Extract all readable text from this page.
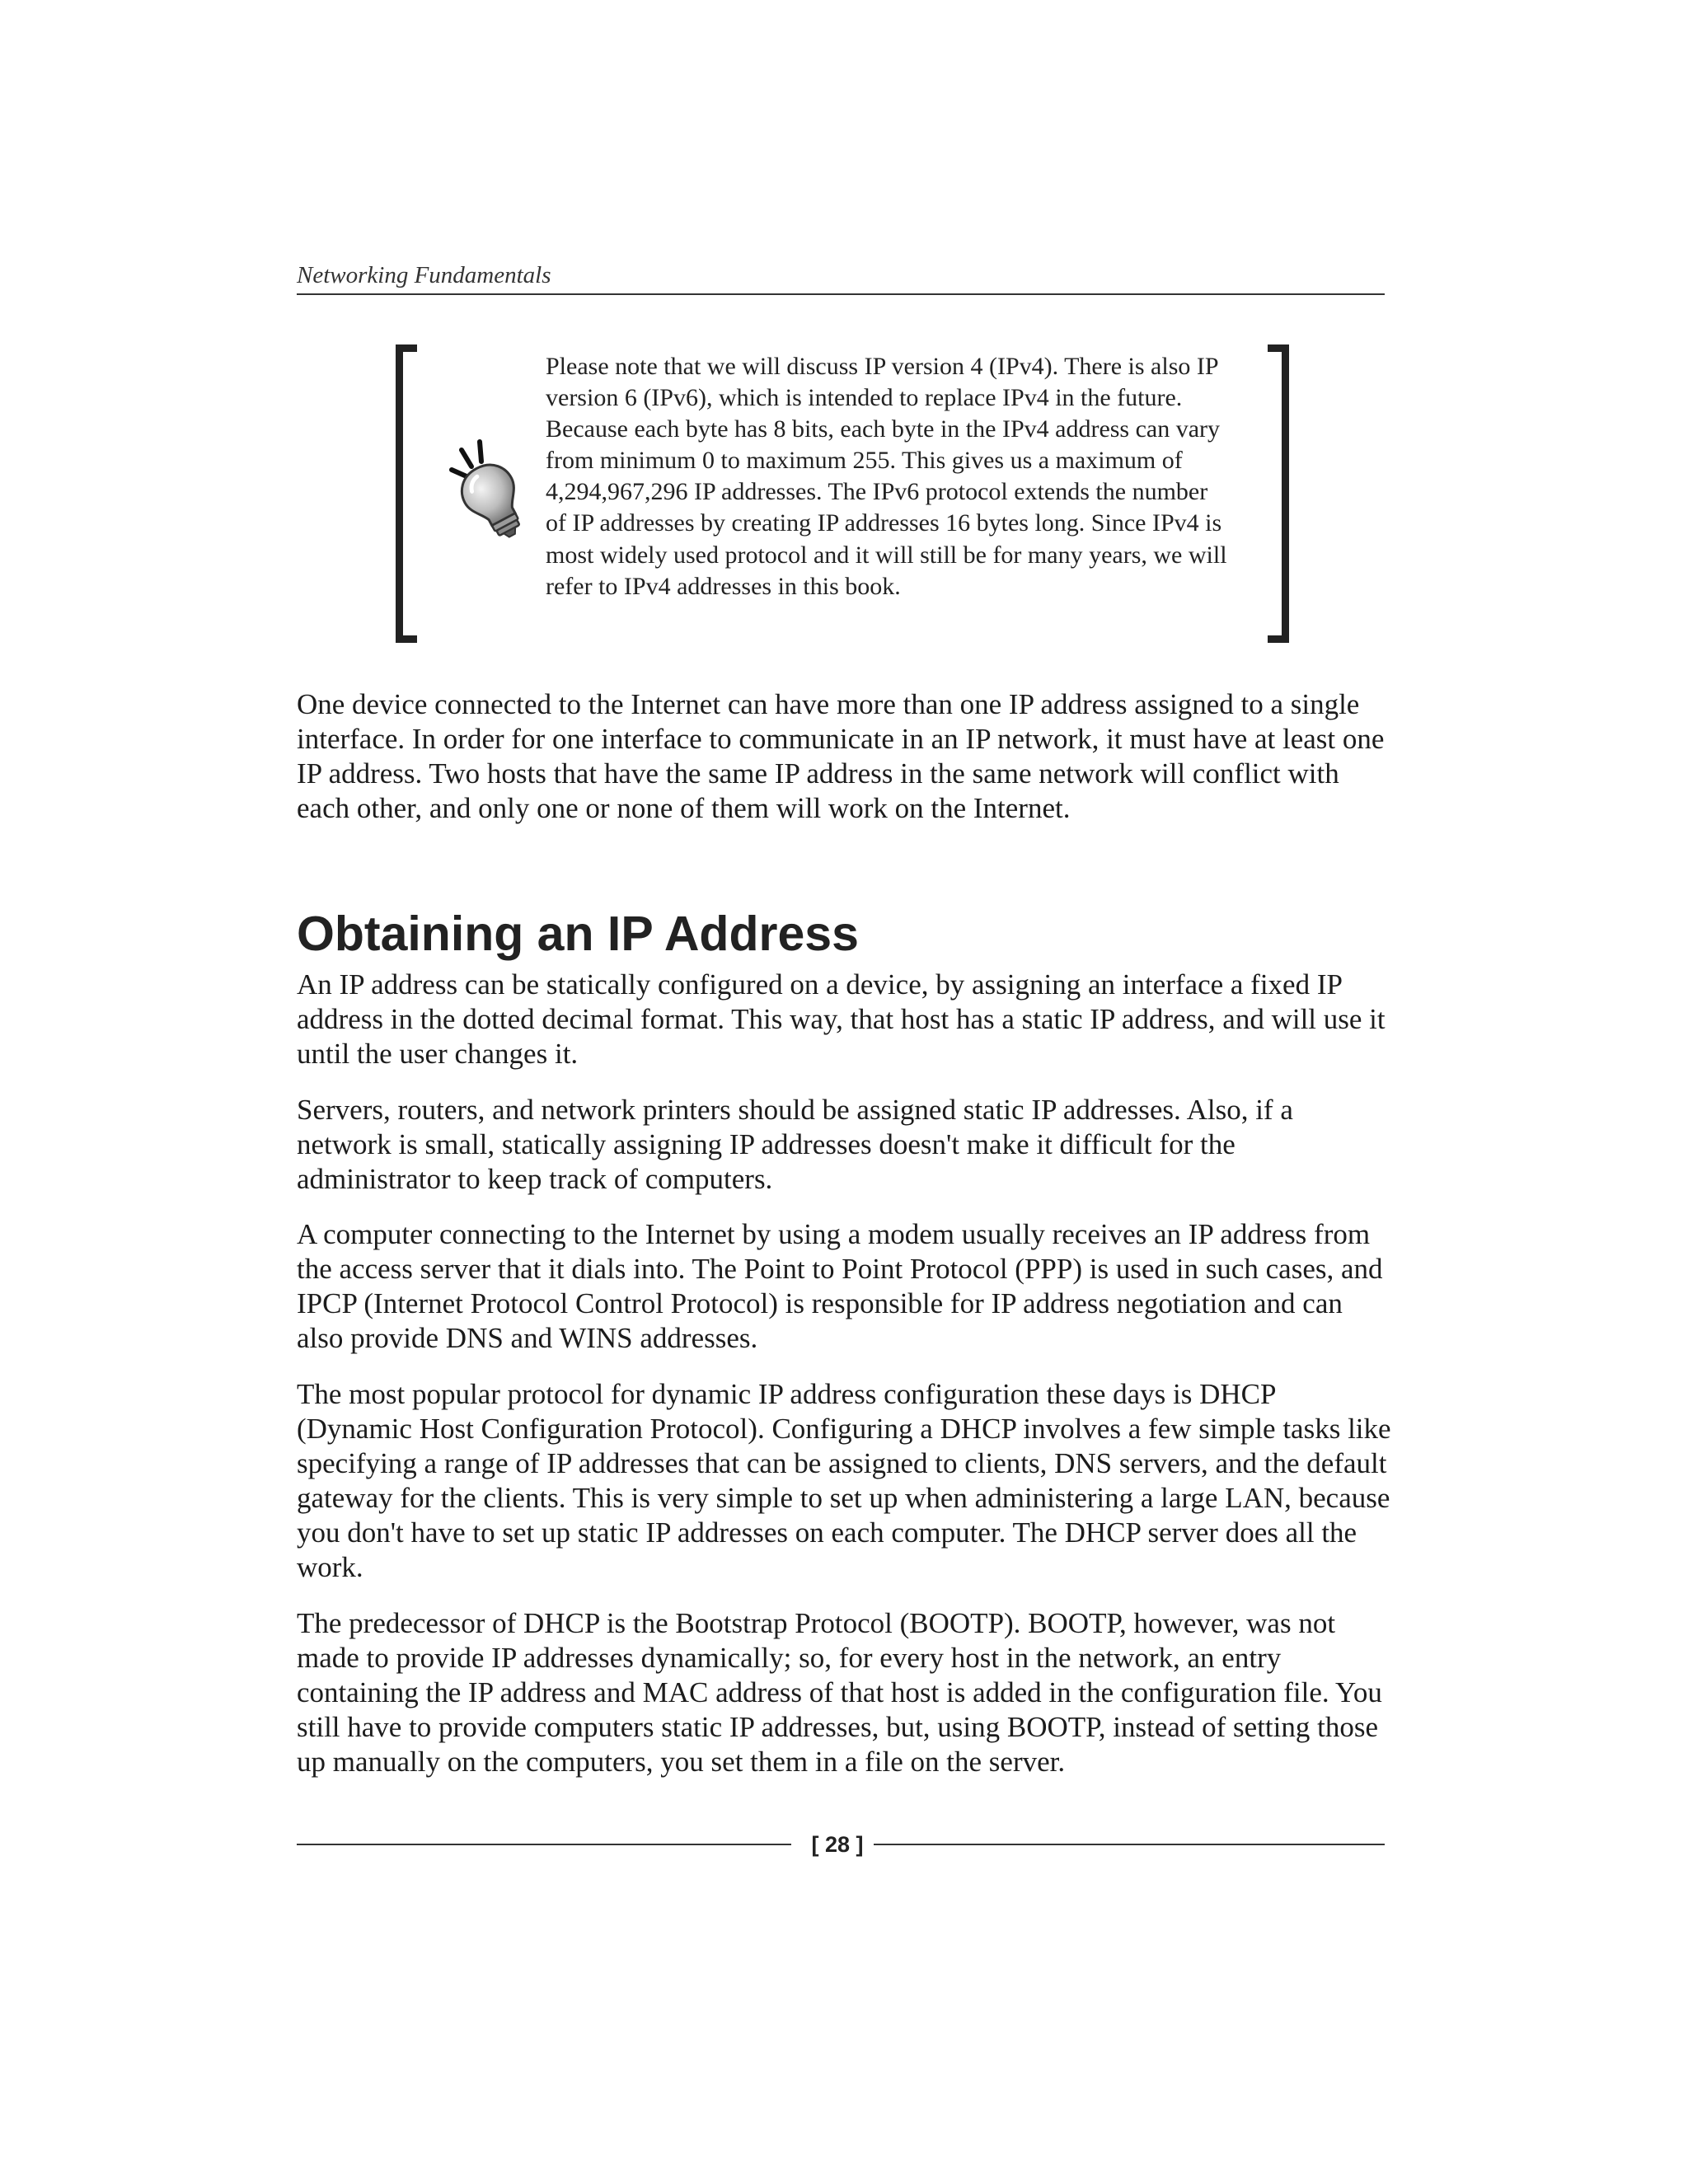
Networking Fundamentals

Please note that we will discuss IP version 4 (IPv4). There is also IP version 6 (IPv6), which is intended to replace IPv4 in the future. Because each byte has 8 bits, each byte in the IPv4 address can vary from minimum 0 to maximum 255. This gives us a maximum of 4,294,967,296 IP addresses. The IPv6 protocol extends the number of IP addresses by creating IP addresses 16 bytes long. Since IPv4 is most widely used protocol and it will still be for many years, we will refer to IPv4 addresses in this book.

One device connected to the Internet can have more than one IP address assigned to a single interface. In order for one interface to communicate in an IP network, it must have at least one IP address. Two hosts that have the same IP address in the same network will conflict with each other, and only one or none of them will work on the Internet.

Obtaining an IP Address

An IP address can be statically configured on a device, by assigning an interface a fixed IP address in the dotted decimal format. This way, that host has a static IP address, and will use it until the user changes it.

Servers, routers, and network printers should be assigned static IP addresses. Also, if a network is small, statically assigning IP addresses doesn't make it difficult for the administrator to keep track of computers.

A computer connecting to the Internet by using a modem usually receives an IP address from the access server that it dials into. The Point to Point Protocol (PPP) is used in such cases, and IPCP (Internet Protocol Control Protocol) is responsible for IP address negotiation and can also provide DNS and WINS addresses.

The most popular protocol for dynamic IP address configuration these days is DHCP (Dynamic Host Configuration Protocol). Configuring a DHCP involves a few simple tasks like specifying a range of IP addresses that can be assigned to clients, DNS servers, and the default gateway for the clients. This is very simple to set up when administering a large LAN, because you don't have to set up static IP addresses on each computer. The DHCP server does all the work.

The predecessor of DHCP is the Bootstrap Protocol (BOOTP). BOOTP, however, was not made to provide IP addresses dynamically; so, for every host in the network, an entry containing the IP address and MAC address of that host is added in the configuration file. You still have to provide computers static IP addresses, but, using BOOTP, instead of setting those up manually on the computers, you set them in a file on the server.

[ 28 ]
